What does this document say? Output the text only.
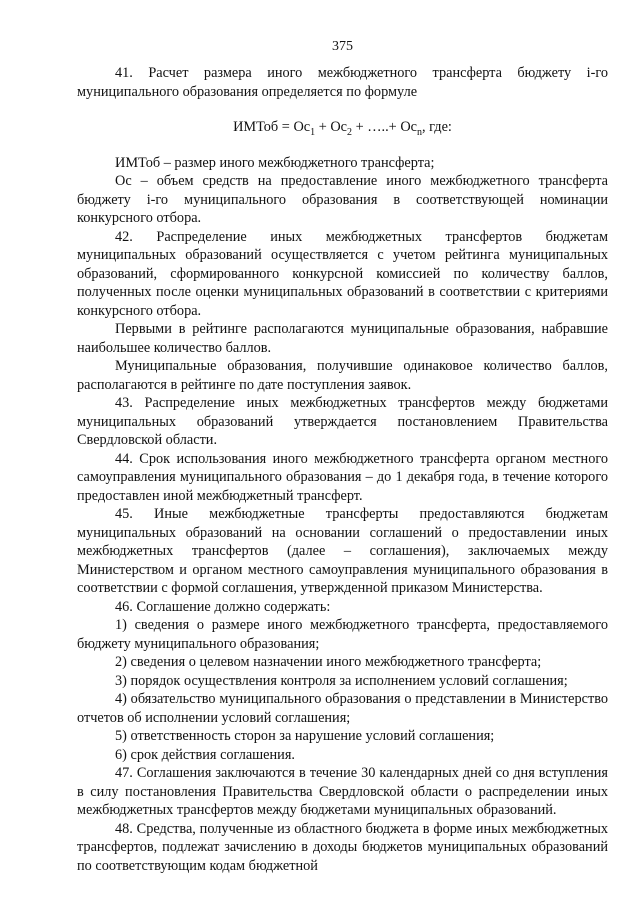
375

41. Расчет размера иного межбюджетного трансферта бюджету i-го муниципального образования определяется по формуле

ИМТоб = $Ос_1 + Ос_2$ + …..+ $Ос_n$, где:

ИМТоб – размер иного межбюджетного трансферта;

Ос – объем средств на предоставление иного межбюджетного трансферта бюджету i-го муниципального образования в соответствующей номинации конкурсного отбора.

42. Распределение иных межбюджетных трансфертов бюджетам муниципальных образований осуществляется с учетом рейтинга муниципальных образований, сформированного конкурсной комиссией по количеству баллов, полученных после оценки муниципальных образований в соответствии с критериями конкурсного отбора.

Первыми в рейтинге располагаются муниципальные образования, набравшие наибольшее количество баллов.

Муниципальные образования, получившие одинаковое количество баллов, располагаются в рейтинге по дате поступления заявок.

43. Распределение иных межбюджетных трансфертов между бюджетами муниципальных образований утверждается постановлением Правительства Свердловской области.

44. Срок использования иного межбюджетного трансферта органом местного самоуправления муниципального образования – до 1 декабря года, в течение которого предоставлен иной межбюджетный трансферт.

45. Иные межбюджетные трансферты предоставляются бюджетам муниципальных образований на основании соглашений о предоставлении иных межбюджетных трансфертов (далее – соглашения), заключаемых между Министерством и органом местного самоуправления муниципального образования в соответствии с формой соглашения, утвержденной приказом Министерства.

46. Соглашение должно содержать:

1) сведения о размере иного межбюджетного трансферта, предоставляемого бюджету муниципального образования;

2) сведения о целевом назначении иного межбюджетного трансферта;

3) порядок осуществления контроля за исполнением условий соглашения;

4) обязательство муниципального образования о представлении в Министерство отчетов об исполнении условий соглашения;

5) ответственность сторон за нарушение условий соглашения;

6) срок действия соглашения.

47. Соглашения заключаются в течение 30 календарных дней со дня вступления в силу постановления Правительства Свердловской области о распределении иных межбюджетных трансфертов между бюджетами муниципальных образований.

48. Средства, полученные из областного бюджета в форме иных межбюджетных трансфертов, подлежат зачислению в доходы бюджетов муниципальных образований по соответствующим кодам бюджетной
